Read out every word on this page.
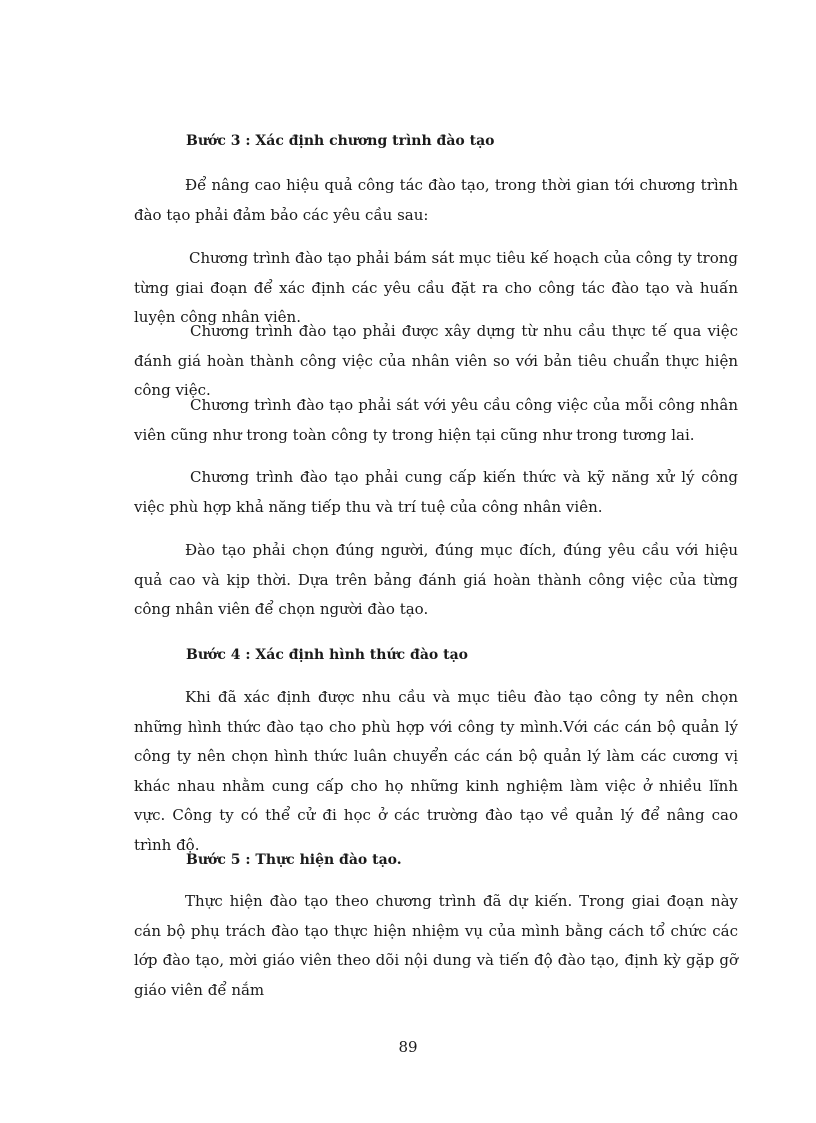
Bước 3 : Xác định chương trình đào tạo

Để nâng cao hiệu quả công tác đào tạo, trong thời gian tới chương trình đào tạo phải đảm bảo các yêu cầu sau:

Chương trình đào tạo phải bám sát mục tiêu kế hoạch của công ty trong từng giai đoạn để xác định các yêu cầu đặt ra cho công tác đào tạo và huấn luyện công nhân viên.

Chương trình đào tạo phải được xây dựng từ nhu cầu thực tế qua việc đánh giá hoàn thành công việc của nhân viên so với bản tiêu chuẩn thực hiện công việc.

Chương trình đào tạo phải sát với yêu cầu công việc của mỗi công nhân viên cũng như trong toàn công ty trong hiện tại cũng như trong tương lai.

Chương trình đào tạo phải cung cấp kiến thức và kỹ năng xử lý công việc phù hợp khả năng tiếp thu và trí tuệ của công nhân viên.

Đào tạo phải chọn đúng người, đúng mục đích, đúng yêu cầu với hiệu quả cao và kịp thời. Dựa trên bảng đánh giá hoàn thành công việc của từng công nhân viên để chọn người đào tạo.

Bước 4 : Xác định hình thức đào tạo

Khi đã xác định được nhu cầu và mục tiêu đào tạo công ty nên chọn những hình thức đào tạo cho phù hợp với công ty mình.Với các cán bộ quản lý công ty nên chọn hình thức luân chuyển các cán bộ quản lý làm các cương vị khác nhau nhằm cung cấp cho họ những kinh nghiệm làm việc ở nhiều lĩnh vực. Công ty có thể cử đi học ở các trường đào tạo về quản lý để nâng cao trình độ.

Bước 5 : Thực hiện đào tạo.

Thực hiện đào tạo theo chương trình đã dự kiến. Trong giai đoạn này cán bộ phụ trách đào tạo thực hiện nhiệm vụ của mình bằng cách tổ chức các lớp đào tạo, mời giáo viên theo dõi nội dung và tiến độ đào tạo, định kỳ gặp gỡ giáo viên để nắm

89
